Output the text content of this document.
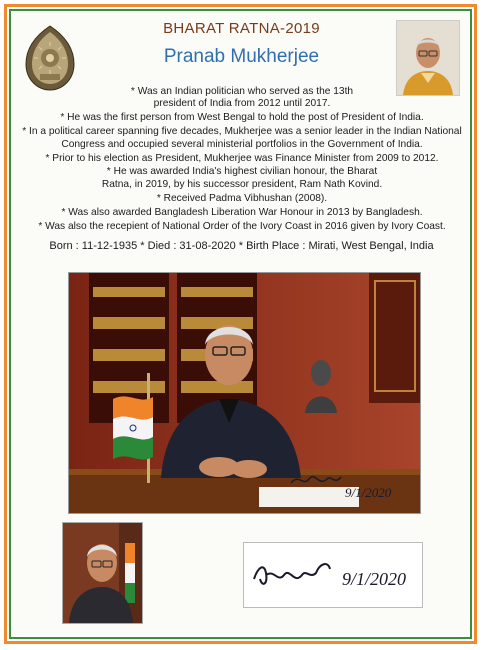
BHARAT RATNA-2019
Pranab Mukherjee

* Was an Indian politician who served as the 13th president of India from 2012 until 2017.

* He was the first person from West Bengal to hold the post of President of India.

* In a political career spanning five decades, Mukherjee was a senior leader in the Indian National Congress and occupied several ministerial portfolios in the Government of India.

* Prior to his election as President, Mukherjee was Finance Minister from 2009 to 2012.

* He was awarded India's highest civilian honour, the Bharat Ratna, in 2019, by his successor president, Ram Nath Kovind.

* Received Padma Vibhushan (2008).

* Was also awarded Bangladesh Liberation War Honour in 2013 by Bangladesh.

* Was also the recepient of National Order of the Ivory Coast in 2016 given by Ivory Coast.

Born : 11-12-1935 * Died : 31-08-2020 * Birth Place : Mirati, West Bengal, India
9/1/2020
9/1/2020
